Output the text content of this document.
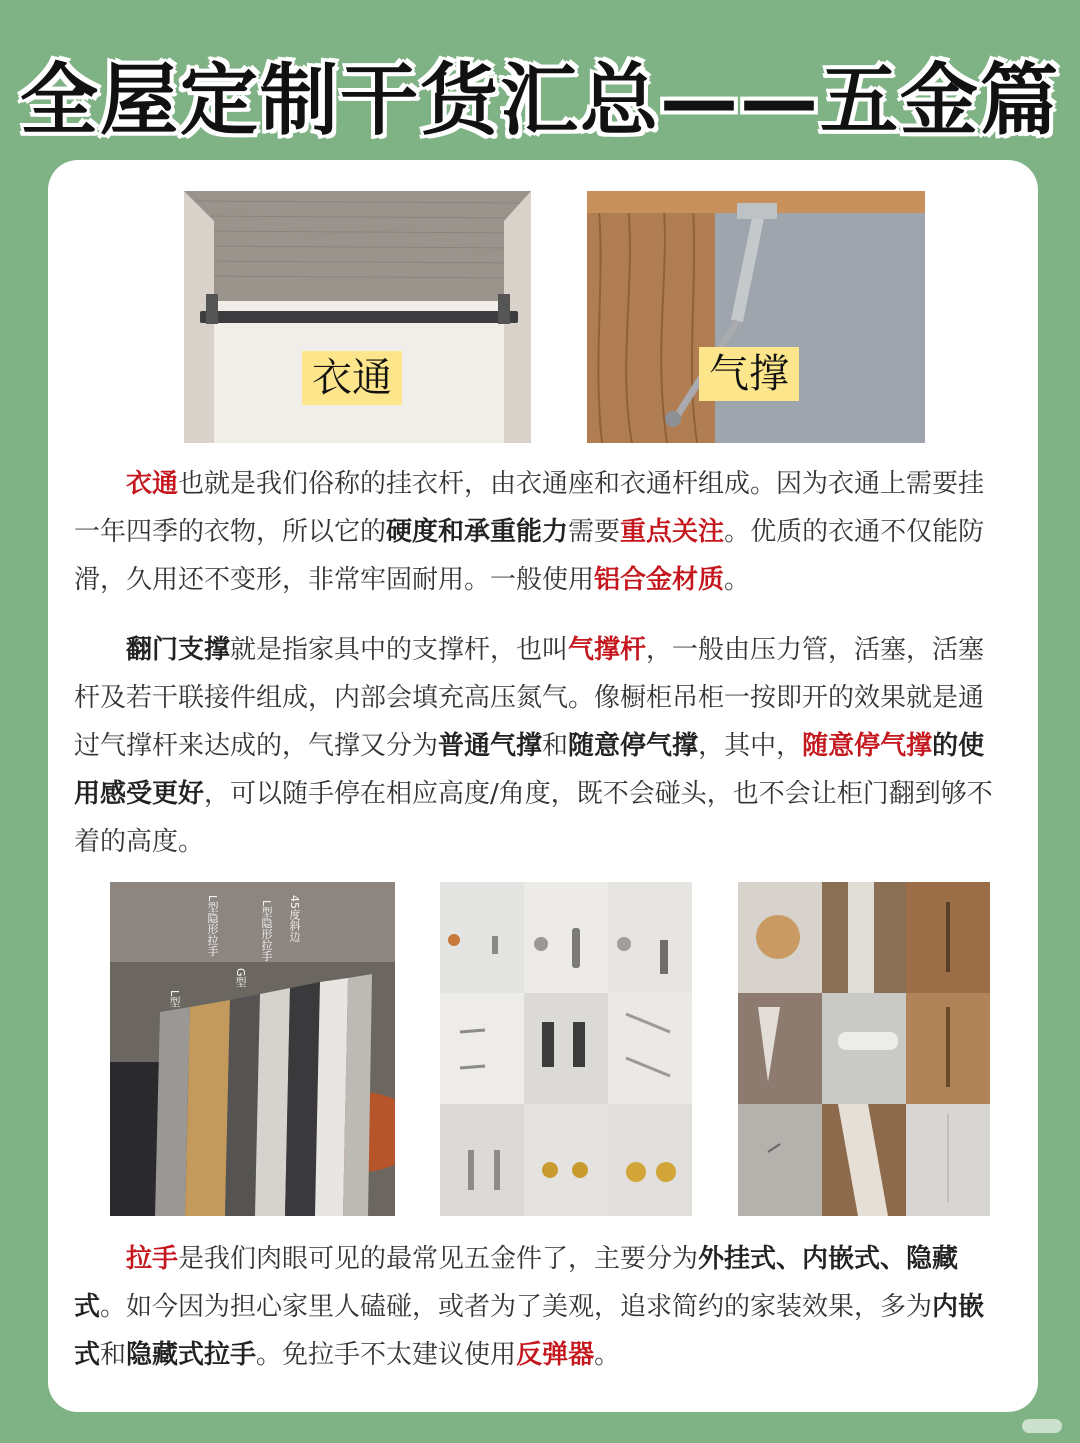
全屋定制干货汇总——五金篇
衣通	气撑

衣通也就是我们俗称的挂衣杆，由衣通座和衣通杆组成。因为衣通上需要挂一年四季的衣物，所以它的硬度和承重能力需要重点关注。优质的衣通不仅能防滑，久用还不变形，非常牢固耐用。一般使用铝合金材质。

翻门支撑就是指家具中的支撑杆，也叫气撑杆，一般由压力管，活塞，活塞杆及若干联接件组成，内部会填充高压氮气。像橱柜吊柜一按即开的效果就是通过气撑杆来达成的，气撑又分为普通气撑和随意停气撑，其中，随意停气撑的使用感受更好，可以随手停在相应高度/角度，既不会碰头，也不会让柜门翻到够不着的高度。

L型
L型隐形拉手
G型
L型隐形拉手 45度斜边

拉手是我们肉眼可见的最常见五金件了，主要分为外挂式、内嵌式、隐藏式。如今因为担心家里人磕碰，或者为了美观，追求简约的家装效果，多为内嵌式和隐藏式拉手。免拉手不太建议使用反弹器。
